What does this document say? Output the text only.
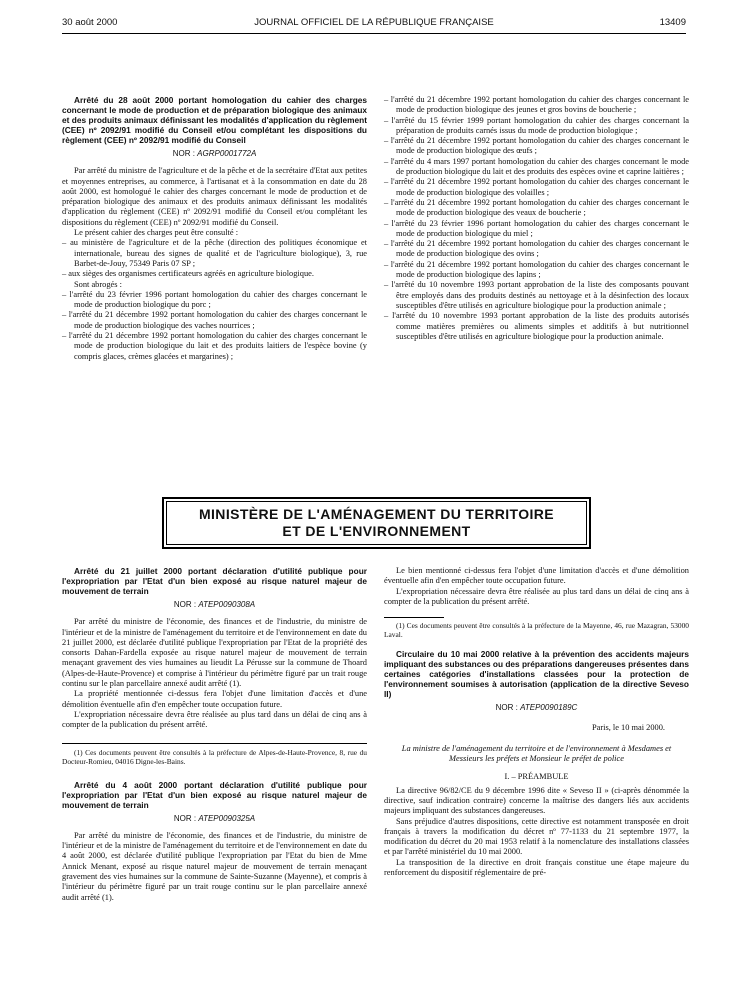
30 août 2000	JOURNAL OFFICIEL DE LA RÉPUBLIQUE FRANÇAISE	13409
Arrêté du 28 août 2000 portant homologation du cahier des charges concernant le mode de production et de préparation biologique des animaux et des produits animaux définissant les modalités d'application du règlement (CEE) nº 2092/91 modifié du Conseil et/ou complétant les dispositions du règlement (CEE) nº 2092/91 modifié du Conseil
NOR : AGRP0001772A

Par arrêté du ministre de l'agriculture et de la pêche et de la secrétaire d'Etat aux petites et moyennes entreprises, au commerce, à l'artisanat et à la consommation en date du 28 août 2000, est homologué le cahier des charges concernant le mode de production et de préparation biologique des animaux et des produits animaux définissant les modalités d'application du règlement (CEE) nº 2092/91 modifié du Conseil et/ou complétant les dispositions du règlement (CEE) nº 2092/91 modifié du Conseil.

Le présent cahier des charges peut être consulté :

– au ministère de l'agriculture et de la pêche (direction des politiques économique et internationale, bureau des signes de qualité et de l'agriculture biologique), 3, rue Barbet-de-Jouy, 75349 Paris 07 SP ;

– aux sièges des organismes certificateurs agréés en agriculture biologique.

Sont abrogés :

– l'arrêté du 23 février 1996 portant homologation du cahier des charges concernant le mode de production biologique du porc ;

– l'arrêté du 21 décembre 1992 portant homologation du cahier des charges concernant le mode de production biologique des vaches nourrices ;

– l'arrêté du 21 décembre 1992 portant homologation du cahier des charges concernant le mode de production biologique du lait et des produits laitiers de l'espèce bovine (y compris glaces, crèmes glacées et margarines) ;

– l'arrêté du 21 décembre 1992 portant homologation du cahier des charges concernant le mode de production biologique des jeunes et gros bovins de boucherie ;

– l'arrêté du 15 février 1999 portant homologation du cahier des charges concernant la préparation de produits carnés issus du mode de production biologique ;

– l'arrêté du 21 décembre 1992 portant homologation du cahier des charges concernant le mode de production biologique des œufs ;

– l'arrêté du 4 mars 1997 portant homologation du cahier des charges concernant le mode de production biologique du lait et des produits des espèces ovine et caprine laitières ;

– l'arrêté du 21 décembre 1992 portant homologation du cahier des charges concernant le mode de production biologique des volailles ;

– l'arrêté du 21 décembre 1992 portant homologation du cahier des charges concernant le mode de production biologique des veaux de boucherie ;

– l'arrêté du 23 février 1996 portant homologation du cahier des charges concernant le mode de production biologique du miel ;

– l'arrêté du 21 décembre 1992 portant homologation du cahier des charges concernant le mode de production biologique des ovins ;

– l'arrêté du 21 décembre 1992 portant homologation du cahier des charges concernant le mode de production biologique des lapins ;

– l'arrêté du 10 novembre 1993 portant approbation de la liste des composants pouvant être employés dans des produits destinés au nettoyage et à la désinfection des locaux susceptibles d'être utilisés en agriculture biologique pour la production animale ;

– l'arrêté du 10 novembre 1993 portant approbation de la liste des produits autorisés comme matières premières ou aliments simples et additifs à but nutritionnel susceptibles d'être utilisés en agriculture biologique pour la production animale.

MINISTÈRE DE L'AMÉNAGEMENT DU TERRITOIRE
ET DE L'ENVIRONNEMENT
Arrêté du 21 juillet 2000 portant déclaration d'utilité publique pour l'expropriation par l'Etat d'un bien exposé au risque naturel majeur de mouvement de terrain
NOR : ATEP0090308A

Par arrêté du ministre de l'économie, des finances et de l'industrie, du ministre de l'intérieur et de la ministre de l'aménagement du territoire et de l'environnement en date du 21 juillet 2000, est déclarée d'utilité publique l'expropriation par l'Etat de la propriété des consorts Dahan-Fardella exposée au risque naturel majeur de mouvement de terrain menaçant gravement des vies humaines au lieudit La Pérusse sur la commune de Thoard (Alpes-de-Haute-Provence) et comprise à l'intérieur du périmètre figuré par un trait rouge continu sur le plan parcellaire annexé audit arrêté (1).

La propriété mentionnée ci-dessus fera l'objet d'une limitation d'accès et d'une démolition éventuelle afin d'en empêcher toute occupation future.

L'expropriation nécessaire devra être réalisée au plus tard dans un délai de cinq ans à compter de la publication du présent arrêté.

(1) Ces documents peuvent être consultés à la préfecture de Alpes-de-Haute-Provence, 8, rue du Docteur-Romieu, 04016 Digne-les-Bains.

Arrêté du 4 août 2000 portant déclaration d'utilité publique pour l'expropriation par l'Etat d'un bien exposé au risque naturel majeur de mouvement de terrain
NOR : ATEP0090325A

Par arrêté du ministre de l'économie, des finances et de l'industrie, du ministre de l'intérieur et de la ministre de l'aménagement du territoire et de l'environnement en date du 4 août 2000, est déclarée d'utilité publique l'expropriation par l'Etat du bien de Mme Annick Menant, exposé au risque naturel majeur de mouvement de terrain menaçant gravement des vies humaines sur la commune de Sainte-Suzanne (Mayenne), et compris à l'intérieur du périmètre figuré par un trait rouge continu sur le plan parcellaire annexé audit arrêté (1).

Le bien mentionné ci-dessus fera l'objet d'une limitation d'accès et d'une démolition éventuelle afin d'en empêcher toute occupation future.

L'expropriation nécessaire devra être réalisée au plus tard dans un délai de cinq ans à compter de la publication du présent arrêté.

(1) Ces documents peuvent être consultés à la préfecture de la Mayenne, 46, rue Mazagran, 53000 Laval.

Circulaire du 10 mai 2000 relative à la prévention des accidents majeurs impliquant des substances ou des préparations dangereuses présentes dans certaines catégories d'installations classées pour la protection de l'environnement soumises à autorisation (application de la directive Seveso II)
NOR : ATEP0090189C

Paris, le 10 mai 2000.

La ministre de l'aménagement du territoire et de l'environnement à Mesdames et Messieurs les préfets et Monsieur le préfet de police

I. – PRÉAMBULE

La directive 96/82/CE du 9 décembre 1996 dite « Seveso II » (ci-après dénommée la directive, sauf indication contraire) concerne la maîtrise des dangers liés aux accidents majeurs impliquant des substances dangereuses.

Sans préjudice d'autres dispositions, cette directive est notamment transposée en droit français à travers la modification du décret nº 77-1133 du 21 septembre 1977, la modification du décret du 20 mai 1953 relatif à la nomenclature des installations classées et par l'arrêté ministériel du 10 mai 2000.

La transposition de la directive en droit français constitue une étape majeure du renforcement du dispositif réglementaire de pré-
